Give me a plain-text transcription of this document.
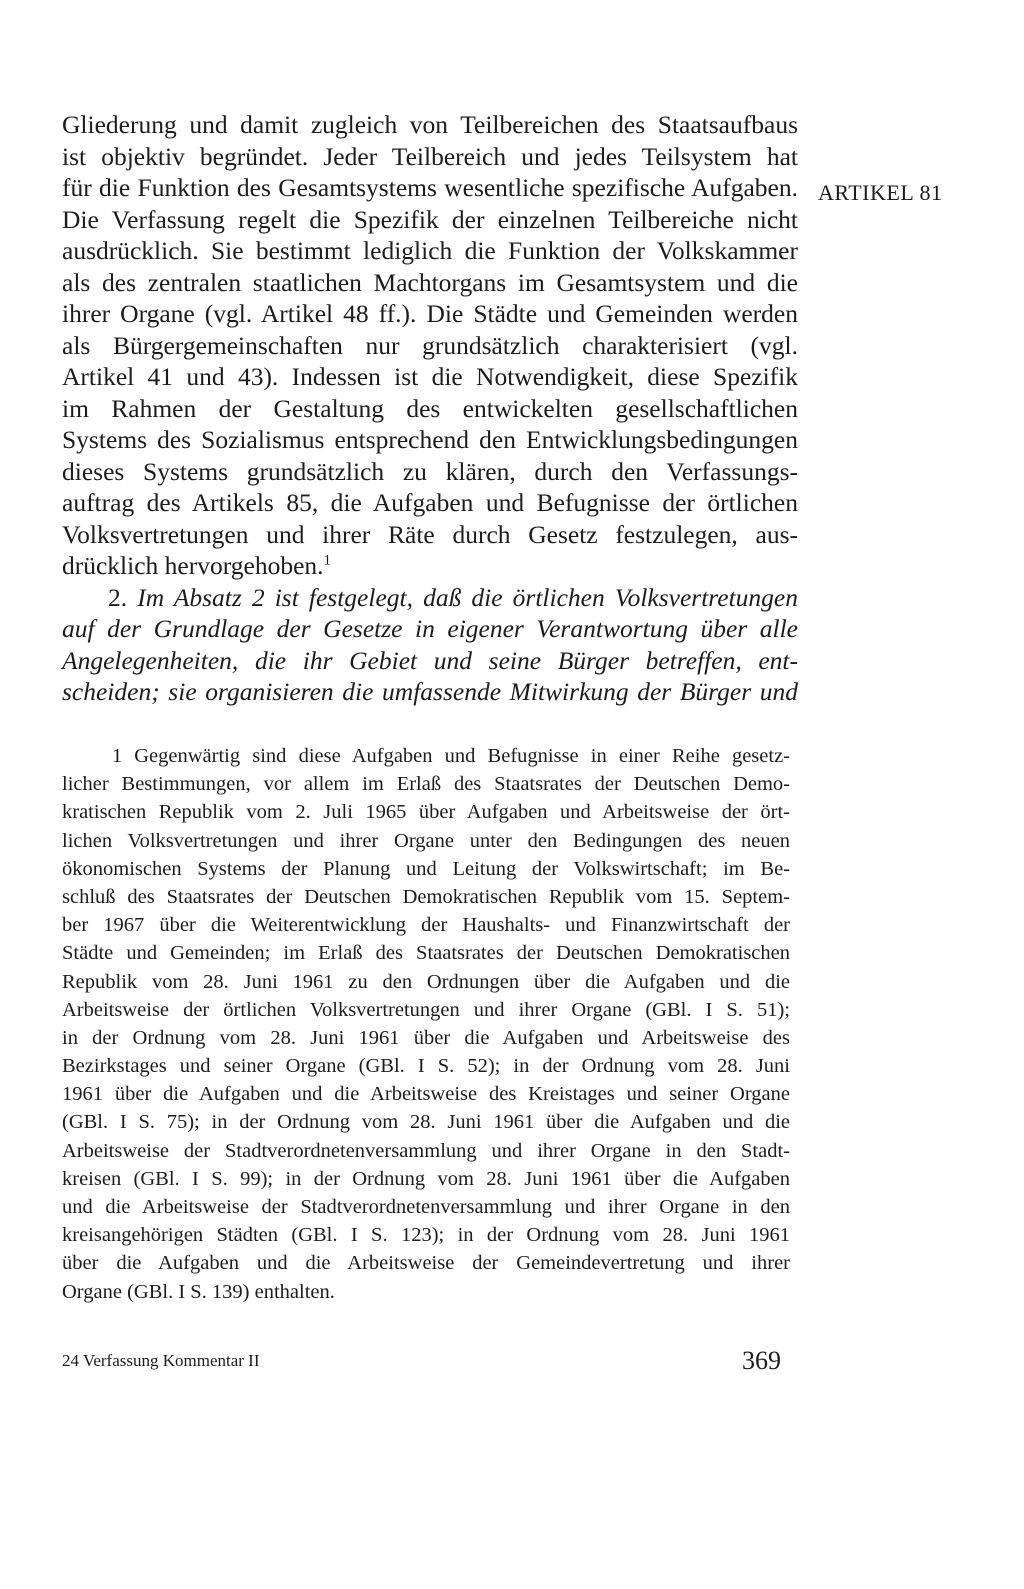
Gliederung und damit zugleich von Teilbereichen des Staatsaufbaus
ist objektiv begründet. Jeder Teilbereich und jedes Teilsystem hat
für die Funktion des Gesamtsystems wesentliche spezifische Aufgaben.
Die Verfassung regelt die Spezifik der einzelnen Teilbereiche nicht
ausdrücklich. Sie bestimmt lediglich die Funktion der Volkskammer
als des zentralen staatlichen Machtorgans im Gesamtsystem und die
ihrer Organe (vgl. Artikel 48 ff.). Die Städte und Gemeinden werden
als Bürgergemeinschaften nur grundsätzlich charakterisiert (vgl.
Artikel 41 und 43). Indessen ist die Notwendigkeit, diese Spezifik
im Rahmen der Gestaltung des entwickelten gesellschaftlichen
Systems des Sozialismus entsprechend den Entwicklungsbedingungen
dieses Systems grundsätzlich zu klären, durch den Verfassungs-
auftrag des Artikels 85, die Aufgaben und Befugnisse der örtlichen
Volksvertretungen und ihrer Räte durch Gesetz festzulegen, aus-
drücklich hervorgehoben.$^1$
2. Im Absatz 2 ist festgelegt, daß die örtlichen Volksvertretungen
auf der Grundlage der Gesetze in eigener Verantwortung über alle
Angelegenheiten, die ihr Gebiet und seine Bürger betreffen, ent-
scheiden; sie organisieren die umfassende Mitwirkung der Bürger und
ARTIKEL 81
1 Gegenwärtig sind diese Aufgaben und Befugnisse in einer Reihe gesetz-
licher Bestimmungen, vor allem im Erlaß des Staatsrates der Deutschen Demo-
kratischen Republik vom 2. Juli 1965 über Aufgaben und Arbeitsweise der ört-
lichen Volksvertretungen und ihrer Organe unter den Bedingungen des neuen
ökonomischen Systems der Planung und Leitung der Volkswirtschaft; im Be-
schluß des Staatsrates der Deutschen Demokratischen Republik vom 15. Septem-
ber 1967 über die Weiterentwicklung der Haushalts- und Finanzwirtschaft der
Städte und Gemeinden; im Erlaß des Staatsrates der Deutschen Demokratischen
Republik vom 28. Juni 1961 zu den Ordnungen über die Aufgaben und die
Arbeitsweise der örtlichen Volksvertretungen und ihrer Organe (GBl. I S. 51);
in der Ordnung vom 28. Juni 1961 über die Aufgaben und Arbeitsweise des
Bezirkstages und seiner Organe (GBl. I S. 52); in der Ordnung vom 28. Juni
1961 über die Aufgaben und die Arbeitsweise des Kreistages und seiner Organe
(GBl. I S. 75); in der Ordnung vom 28. Juni 1961 über die Aufgaben und die
Arbeitsweise der Stadtverordnetenversammlung und ihrer Organe in den Stadt-
kreisen (GBl. I S. 99); in der Ordnung vom 28. Juni 1961 über die Aufgaben
und die Arbeitsweise der Stadtverordnetenversammlung und ihrer Organe in den
kreisangehörigen Städten (GBl. I S. 123); in der Ordnung vom 28. Juni 1961
über die Aufgaben und die Arbeitsweise der Gemeindevertretung und ihrer
Organe (GBl. I S. 139) enthalten.
24 Verfassung Kommentar II	369
